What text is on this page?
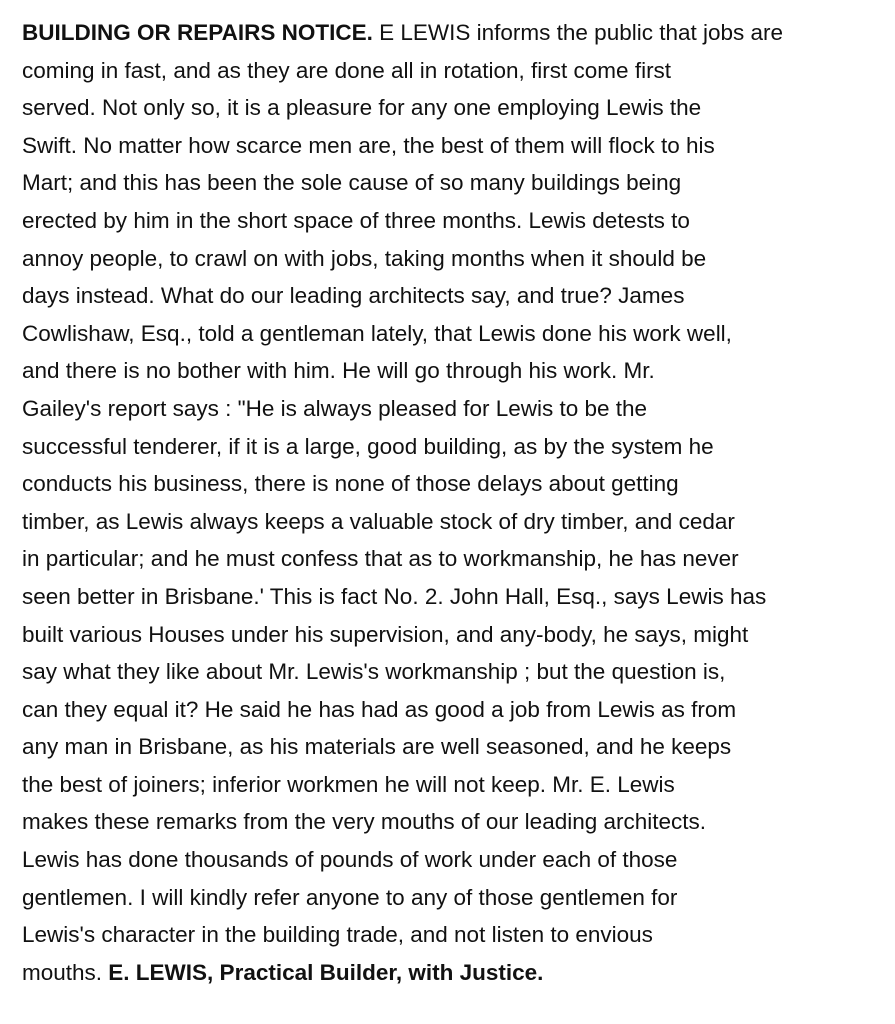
BUILDING OR REPAIRS NOTICE. E LEWIS informs the public that jobs are
coming in fast, and as they are done all in rotation, first come first
served. Not only so, it is a pleasure for any one employing Lewis the
Swift. No matter how scarce men are, the best of them will flock to his
Mart; and this has been the sole cause of so many buildings being
erected by him in the short space of three months. Lewis detests to
annoy people, to crawl on with jobs, taking months when it should be
days instead. What do our leading architects say, and true? James
Cowlishaw, Esq., told a gentleman lately, that Lewis done his work well,
and there is no bother with him. He will go through his work. Mr.
Gailey's report says : "He is always pleased for Lewis to be the
successful tenderer, if it is a large, good building, as by the system he
conducts his business, there is none of those delays about getting
timber, as Lewis always keeps a valuable stock of dry timber, and cedar
in particular; and he must confess that as to workmanship, he has never
seen better in Brisbane.' This is fact No. 2. John Hall, Esq., says Lewis has
built various Houses under his supervision, and any-body, he says, might
say what they like about Mr. Lewis's workmanship ; but the question is,
can they equal it? He said he has had as good a job from Lewis as from
any man in Brisbane, as his materials are well seasoned, and he keeps
the best of joiners; inferior workmen he will not keep. Mr. E. Lewis
makes these remarks from the very mouths of our leading architects.
Lewis has done thousands of pounds of work under each of those
gentlemen. I will kindly refer anyone to any of those gentlemen for
Lewis's character in the building trade, and not listen to envious
mouths. E. LEWIS, Practical Builder, with Justice.
